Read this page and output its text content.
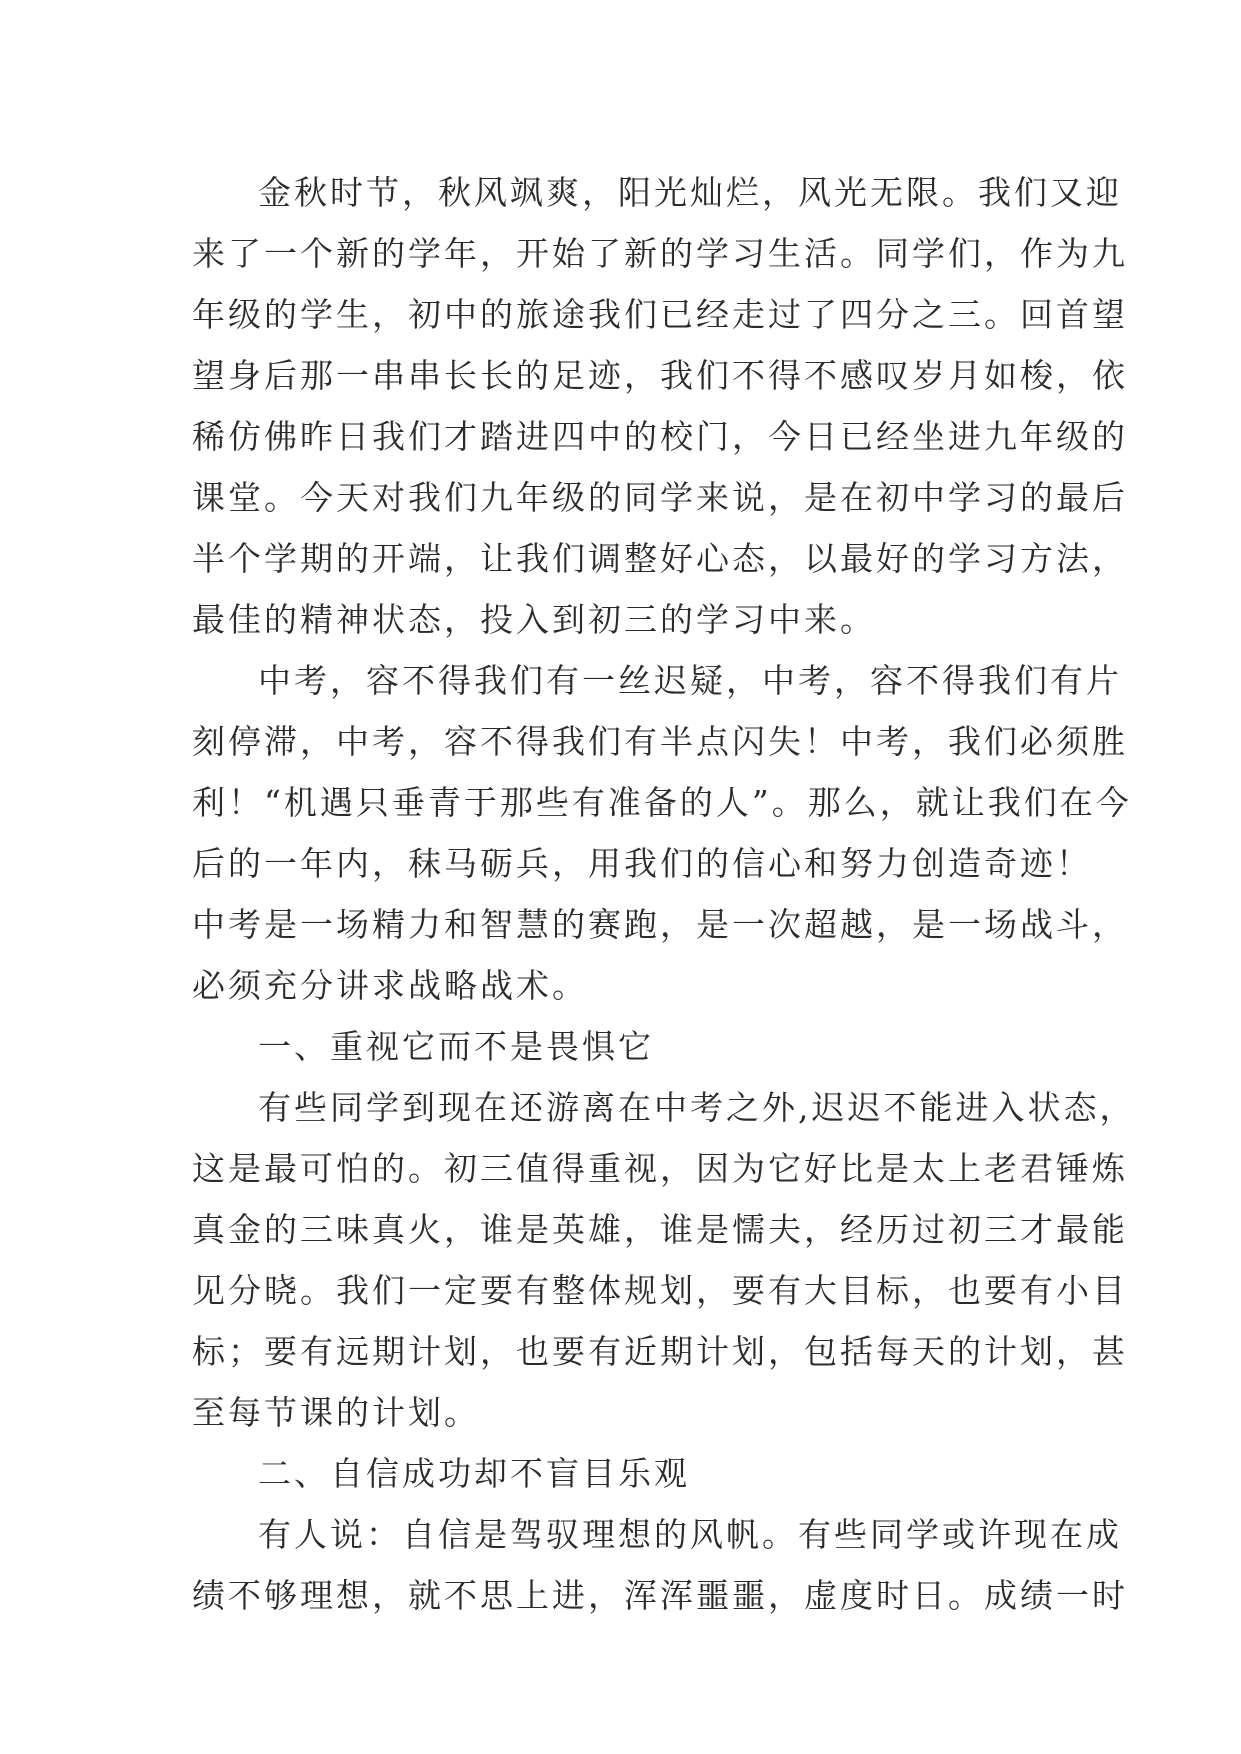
金秋时节，秋风飒爽，阳光灿烂，风光无限。我们又迎
来了一个新的学年，开始了新的学习生活。同学们，作为九
年级的学生，初中的旅途我们已经走过了四分之三。回首望
望身后那一串串长长的足迹，我们不得不感叹岁月如梭，依
稀仿佛昨日我们才踏进四中的校门，今日已经坐进九年级的
课堂。今天对我们九年级的同学来说，是在初中学习的最后
半个学期的开端，让我们调整好心态，以最好的学习方法，
最佳的精神状态，投入到初三的学习中来。
中考，容不得我们有一丝迟疑，中考，容不得我们有片
刻停滞，中考，容不得我们有半点闪失！中考，我们必须胜
利！“机遇只垂青于那些有准备的人”。那么，就让我们在今
后的一年内，秣马砺兵，用我们的信心和努力创造奇迹！
中考是一场精力和智慧的赛跑，是一次超越，是一场战斗，
必须充分讲求战略战术。
一、重视它而不是畏惧它
有些同学到现在还游离在中考之外,迟迟不能进入状态，
这是最可怕的。初三值得重视，因为它好比是太上老君锤炼
真金的三味真火，谁是英雄，谁是懦夫，经历过初三才最能
见分晓。我们一定要有整体规划，要有大目标，也要有小目
标；要有远期计划，也要有近期计划，包括每天的计划，甚
至每节课的计划。
二、自信成功却不盲目乐观
有人说：自信是驾驭理想的风帆。有些同学或许现在成
绩不够理想，就不思上进，浑浑噩噩，虚度时日。成绩一时
